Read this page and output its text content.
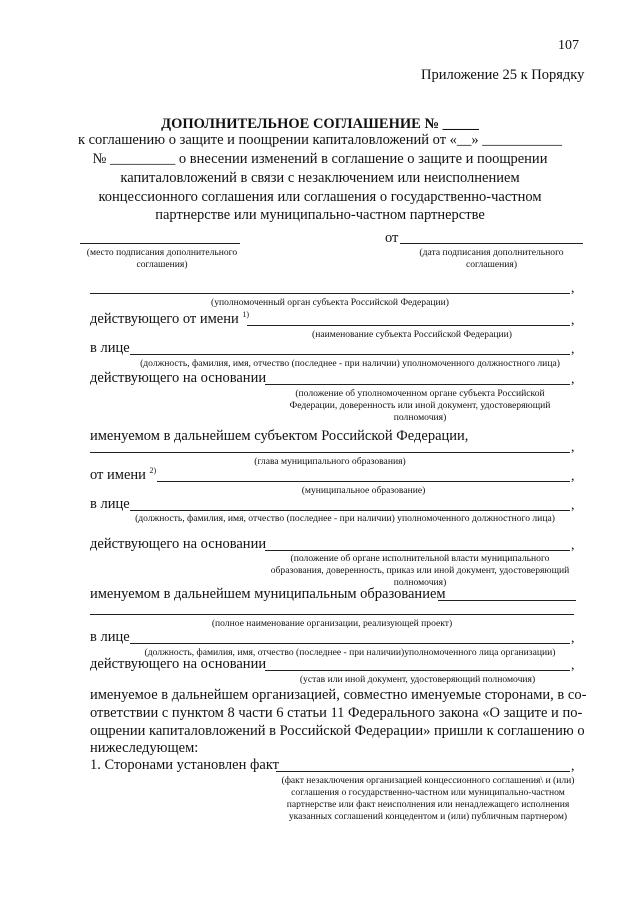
107
Приложение 25 к Порядку
ДОПОЛНИТЕЛЬНОЕ СОГЛАШЕНИЕ № _____
к соглашению о защите и поощрении капиталовложений от «__» ___________
№ _________ о внесении изменений в соглашение о защите и поощрении
капиталовложений в связи с незаключением или неисполнением
концессионного соглашения или соглашения о государственно-частном
партнерстве или муниципально-частном партнерстве
(место подписания дополнительного соглашения)
от
(дата подписания дополнительного соглашения)
,
(уполномоченный орган субъекта Российской Федерации)
действующего от имени $^{1)}$	,
(наименование субъекта Российской Федерации)
в лице	,
(должность, фамилия, имя, отчество (последнее - при наличии) уполномоченного должностного лица)
действующего на основании	,
(положение об уполномоченном органе субъекта Российской Федерации, доверенность или иной документ, удостоверяющий полномочия)
именуемом в дальнейшем субъектом Российской Федерации,
,
(глава муниципального образования)
от имени $^{2)}$	,
(муниципальное образование)
в лице	,
(должность, фамилия, имя, отчество (последнее - при наличии) уполномоченного должностного лица)
действующего на основании	,
(положение об органе исполнительной власти муниципального образования, доверенность, приказ или иной документ, удостоверяющий полномочия)
именуемом в дальнейшем муниципальным образованием
(полное наименование организации, реализующей проект)
в лице	,
(должность, фамилия, имя, отчество (последнее - при наличии)уполномоченного лица организации)
действующего на основании	,
(устав или иной документ, удостоверяющий полномочия)
именуемое в дальнейшем организацией, совместно именуемые сторонами, в со-
ответствии с пунктом 8 части 6 статьи 11 Федерального закона «О защите и по-
ощрении капиталовложений в Российской Федерации» пришли к соглашению о
нижеследующем:
1. Сторонами установлен факт	,
(факт незаключения организацией концессионного соглашения\ и (или) соглашения о государственно-частном или муниципально-частном партнерстве или факт неисполнения или ненадлежащего исполнения указанных соглашений концедентом и (или) публичным партнером)
